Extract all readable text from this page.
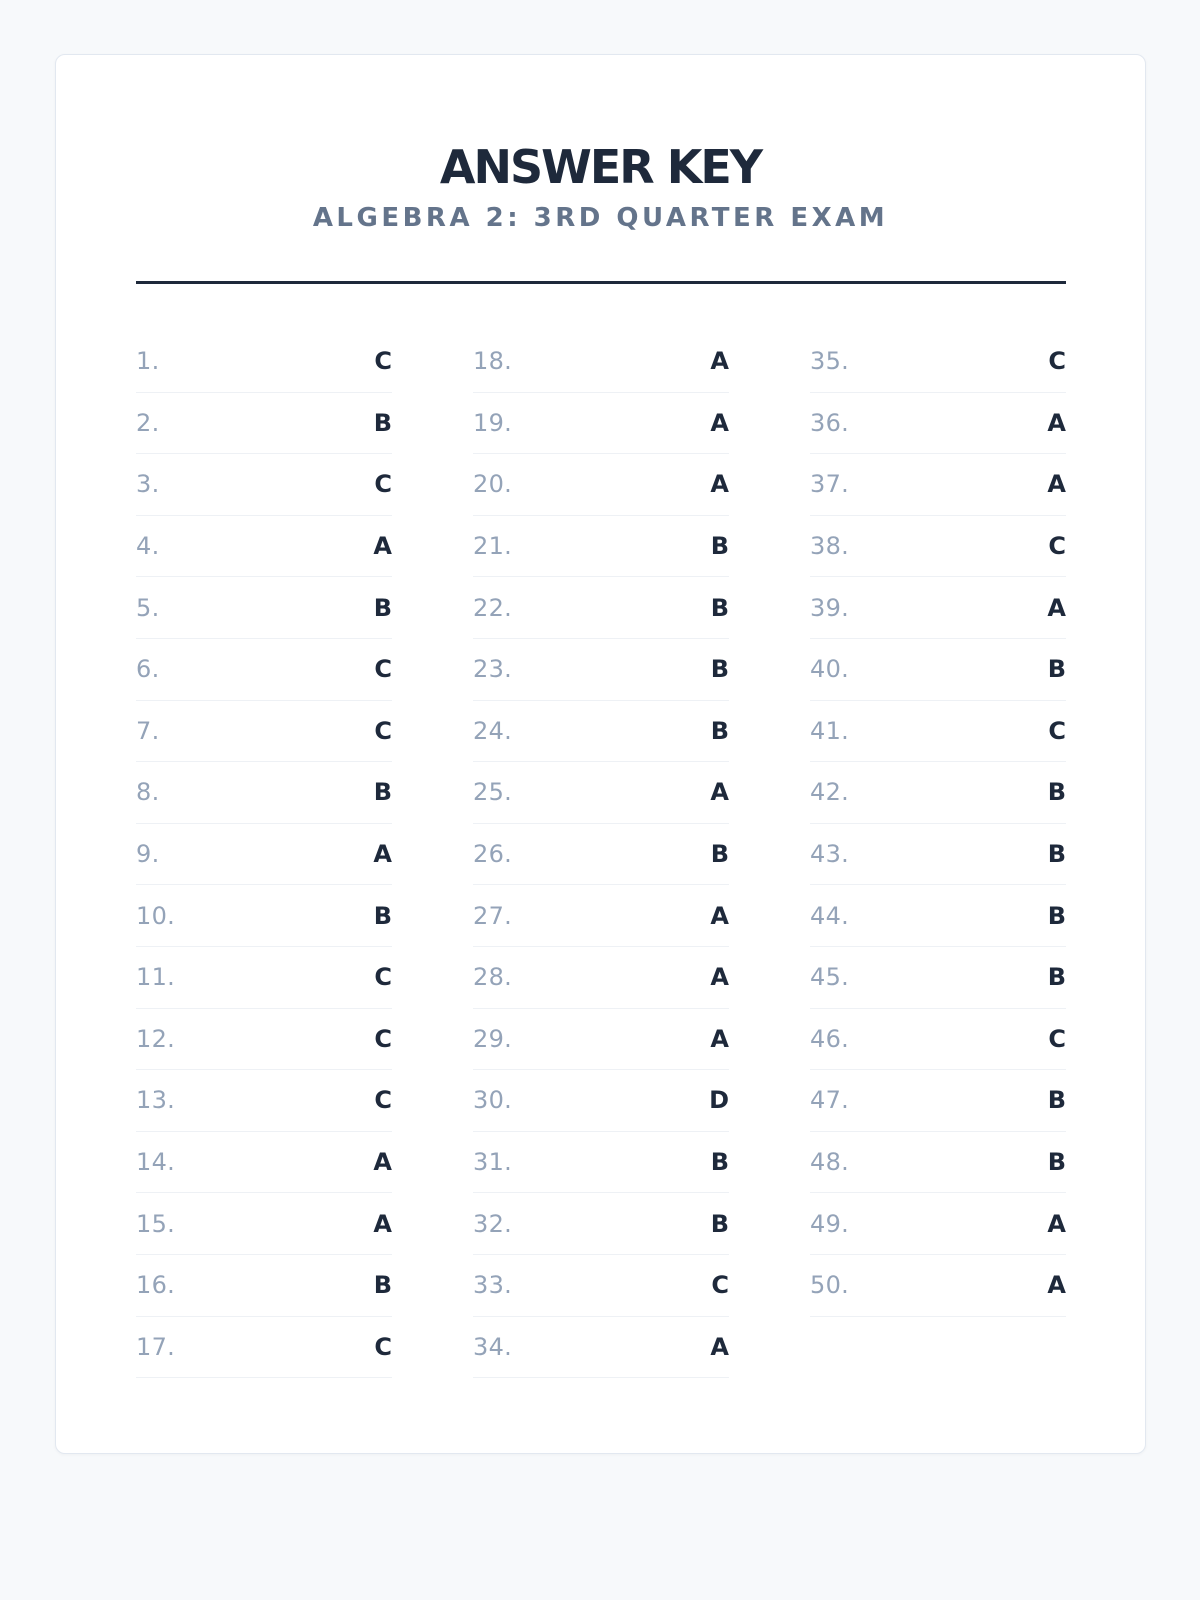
ANSWER KEY
ALGEBRA 2: 3RD QUARTER EXAM
1.	C
2.	B
3.	C
4.	A
5.	B
6.	C
7.	C
8.	B
9.	A
10.	B
11.	C
12.	C
13.	C
14.	A
15.	A
16.	B
17.	C
18.	A
19.	A
20.	A
21.	B
22.	B
23.	B
24.	B
25.	A
26.	B
27.	A
28.	A
29.	A
30.	D
31.	B
32.	B
33.	C
34.	A
35.	C
36.	A
37.	A
38.	C
39.	A
40.	B
41.	C
42.	B
43.	B
44.	B
45.	B
46.	C
47.	B
48.	B
49.	A
50.	A
